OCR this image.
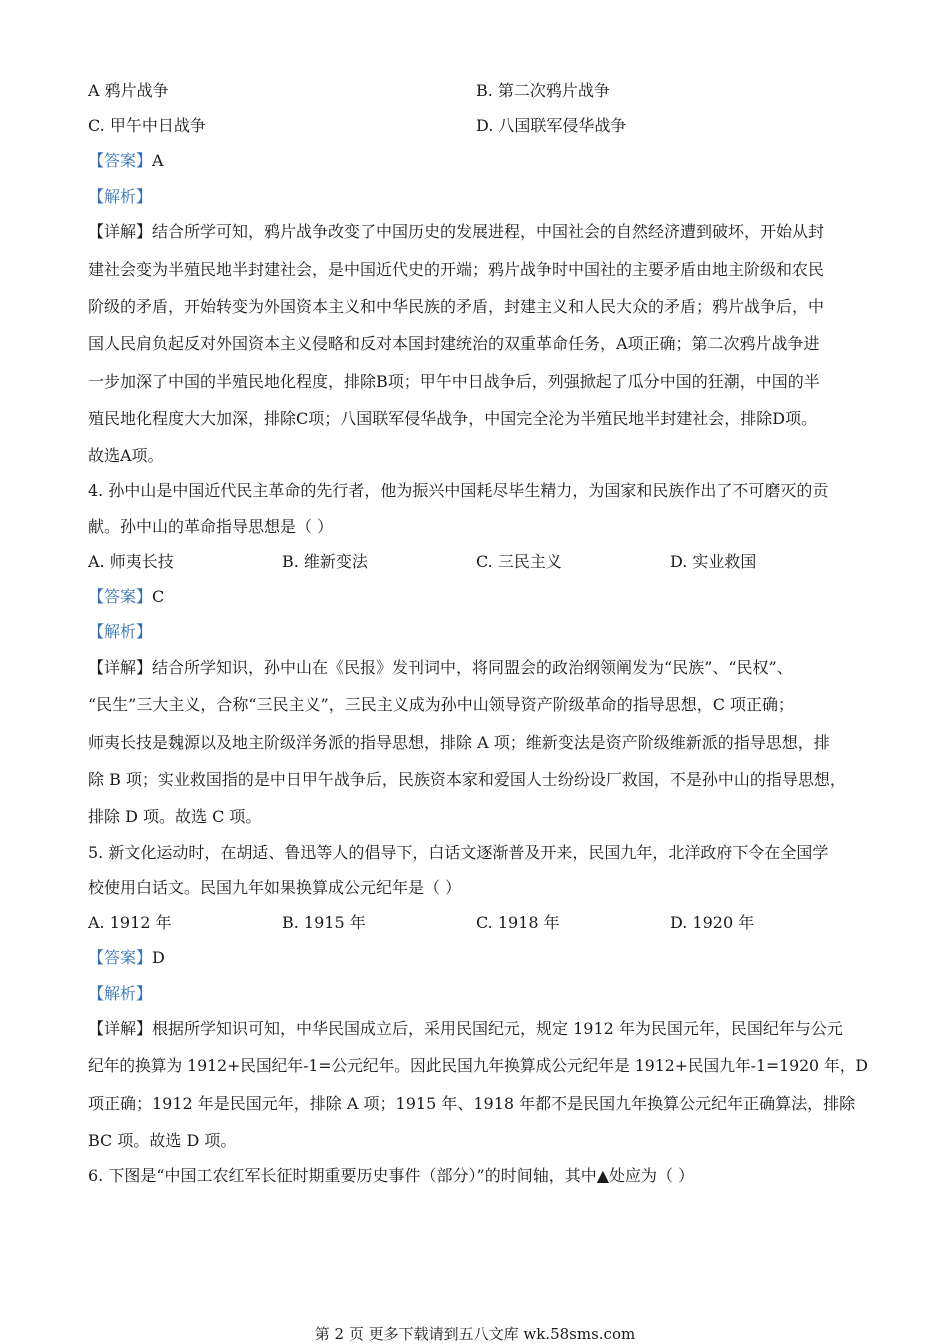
A 鸦片战争	B. 第二次鸦片战争
C. 甲午中日战争	D. 八国联军侵华战争
【答案】A
【解析】
【详解】结合所学可知，鸦片战争改变了中国历史的发展进程，中国社会的自然经济遭到破坏，开始从封
建社会变为半殖民地半封建社会，是中国近代史的开端；鸦片战争时中国社的主要矛盾由地主阶级和农民
阶级的矛盾，开始转变为外国资本主义和中华民族的矛盾，封建主义和人民大众的矛盾；鸦片战争后，中
国人民肩负起反对外国资本主义侵略和反对本国封建统治的双重革命任务，A项正确；第二次鸦片战争进
一步加深了中国的半殖民地化程度，排除B项；甲午中日战争后，列强掀起了瓜分中国的狂潮，中国的半
殖民地化程度大大加深，排除C项；八国联军侵华战争，中国完全沦为半殖民地半封建社会，排除D项。
故选A项。
4. 孙中山是中国近代民主革命的先行者，他为振兴中国耗尽毕生精力，为国家和民族作出了不可磨灭的贡
献。孙中山的革命指导思想是（ ）
A. 师夷长技	B. 维新变法	C. 三民主义	D. 实业救国
【答案】C
【解析】
【详解】结合所学知识，孙中山在《民报》发刊词中，将同盟会的政治纲领阐发为“民族”、“民权”、
“民生”三大主义，合称“三民主义”，三民主义成为孙中山领导资产阶级革命的指导思想，C 项正确；
师夷长技是魏源以及地主阶级洋务派的指导思想，排除 A 项；维新变法是资产阶级维新派的指导思想，排
除 B 项；实业救国指的是中日甲午战争后，民族资本家和爱国人士纷纷设厂救国，不是孙中山的指导思想，
排除 D 项。故选 C 项。
5. 新文化运动时，在胡适、鲁迅等人的倡导下，白话文逐渐普及开来，民国九年，北洋政府下令在全国学
校使用白话文。民国九年如果换算成公元纪年是（ ）
A. 1912 年	B. 1915 年	C. 1918 年	D. 1920 年
【答案】D
【解析】
【详解】根据所学知识可知，中华民国成立后，采用民国纪元，规定 1912 年为民国元年，民国纪年与公元
纪年的换算为 1912+民国纪年-1=公元纪年。因此民国九年换算成公元纪年是 1912+民国九年-1=1920 年，D
项正确；1912 年是民国元年，排除 A 项；1915 年、1918 年都不是民国九年换算公元纪年正确算法，排除
BC 项。故选 D 项。
6. 下图是“中国工农红军长征时期重要历史事件（部分）”的时间轴，其中▲处应为（ ）
第 2 页 更多下载请到五八文库 wk.58sms.com
